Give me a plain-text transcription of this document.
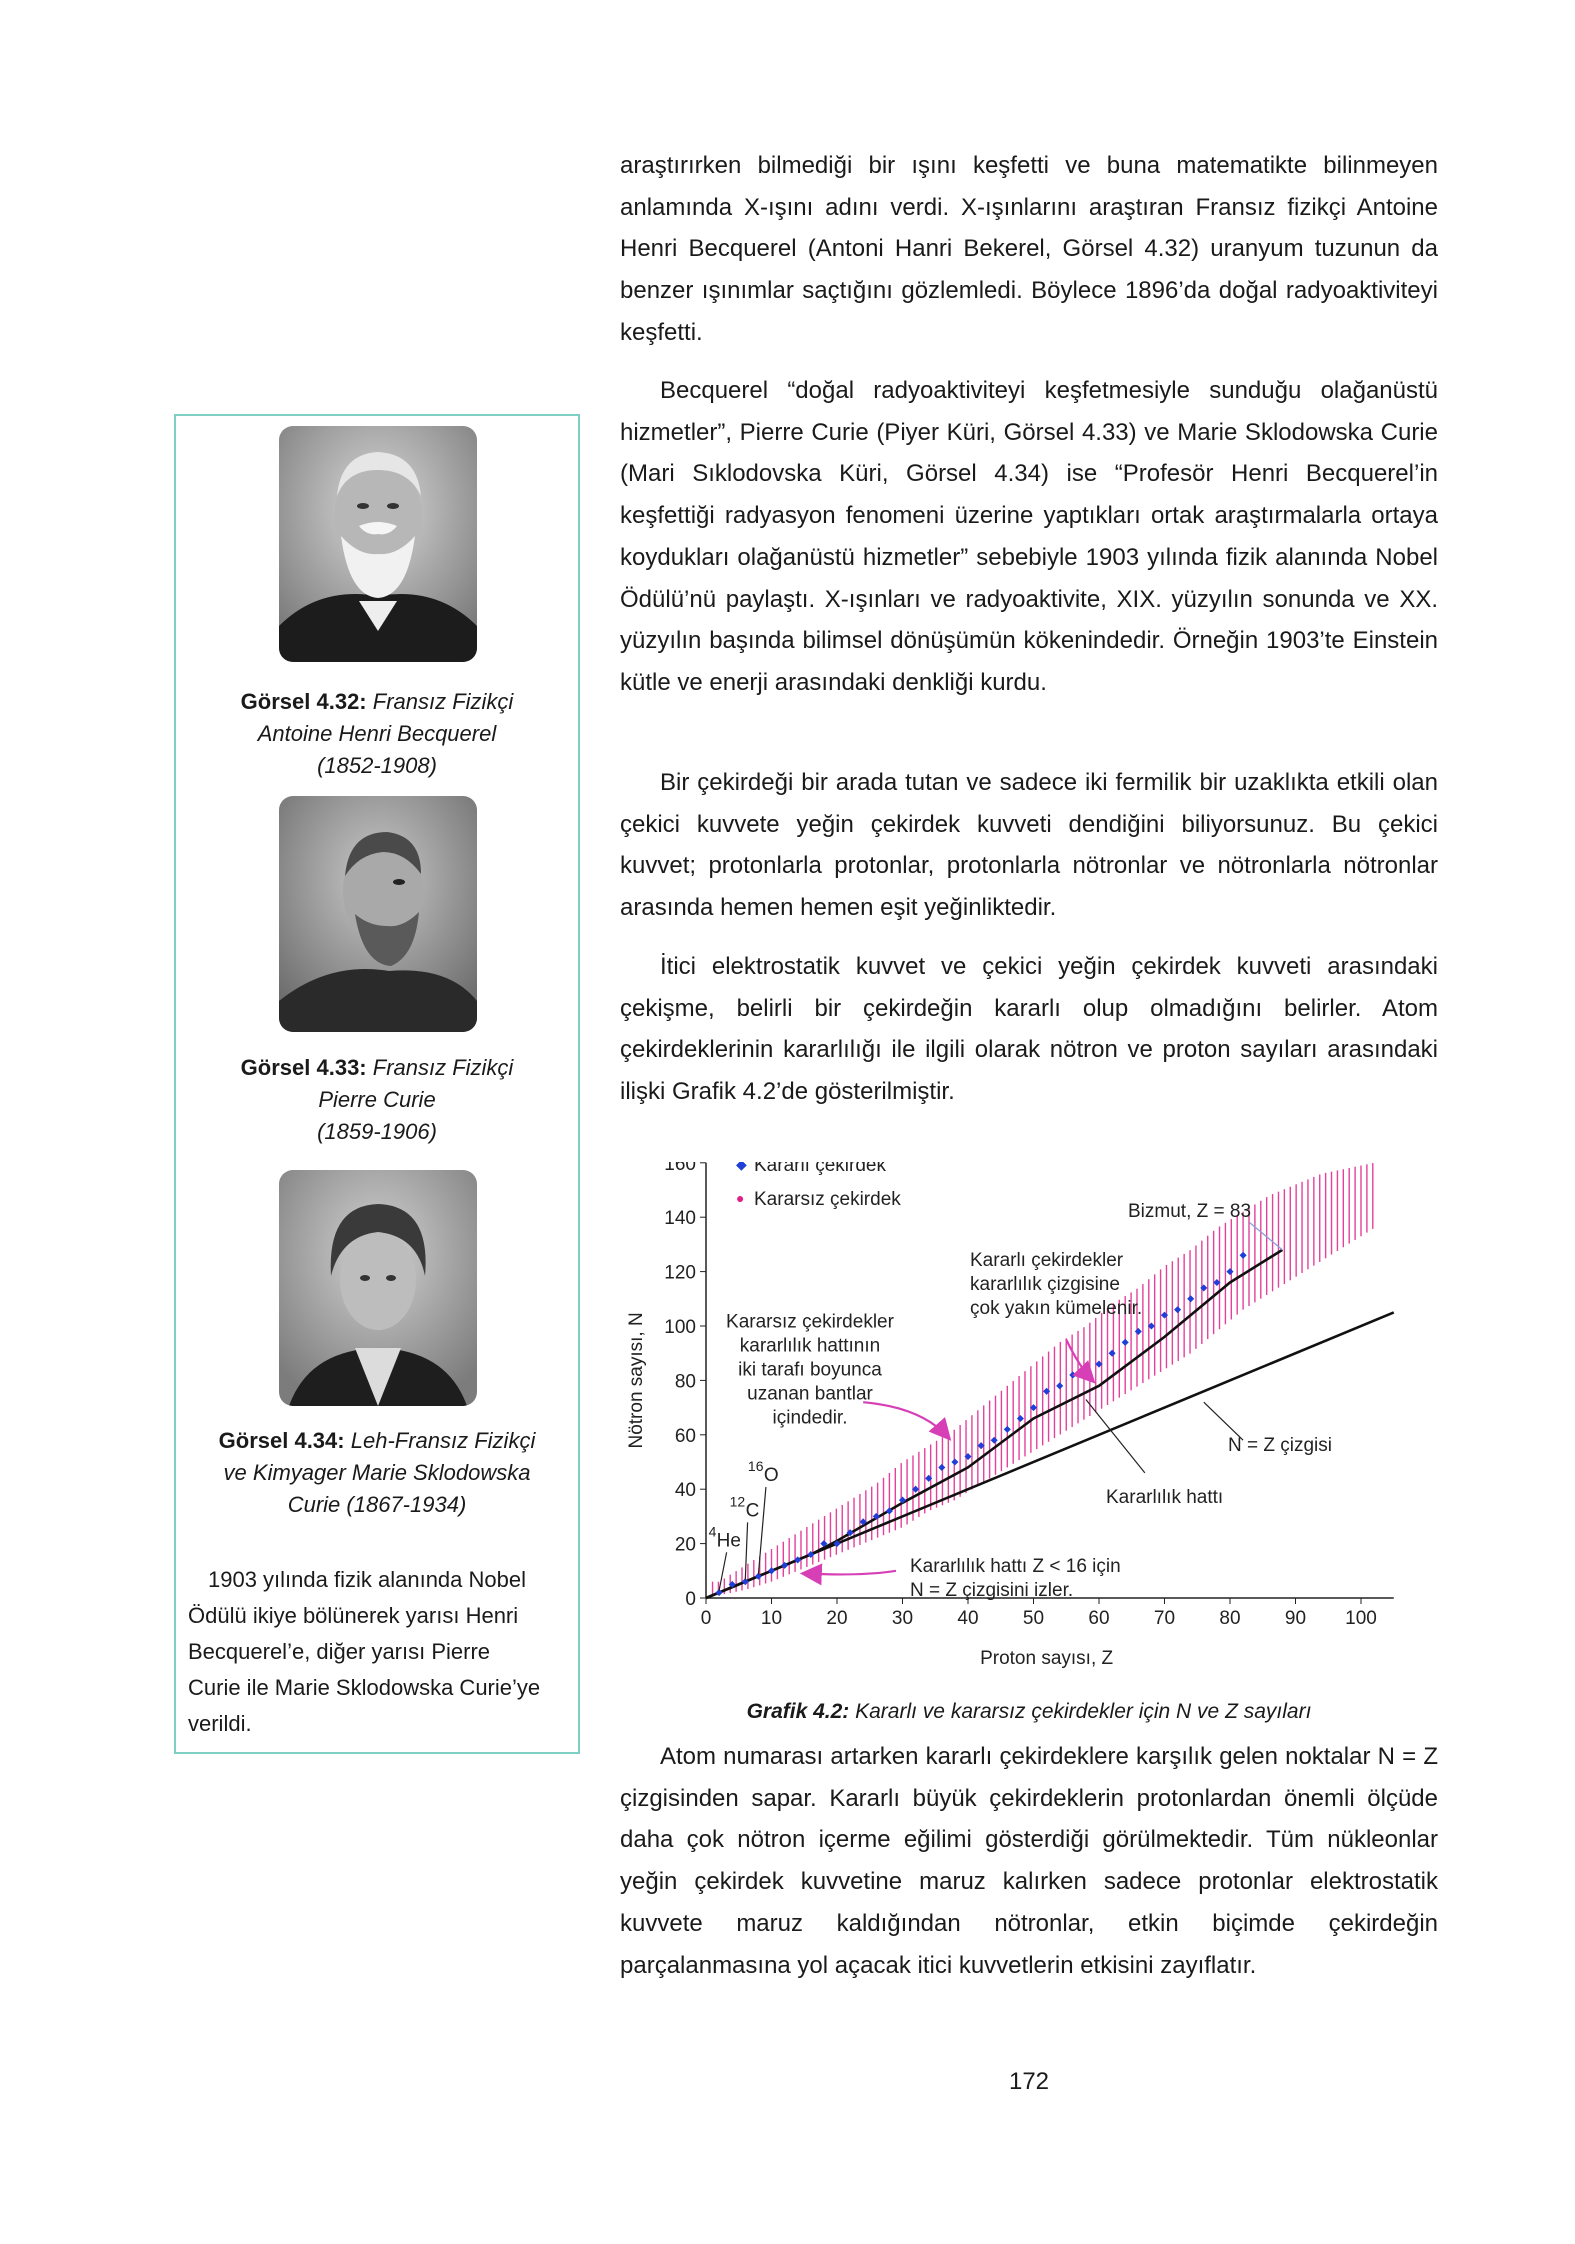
araştırırken bilmediği bir ışını keşfetti ve buna matematikte bilinmeyen anlamında X-ışını adını verdi. X-ışınlarını araştıran Fransız fizikçi Antoine Henri Becquerel (Antoni Hanri Bekerel, Görsel 4.32) uranyum tuzunun da benzer ışınımlar saçtığını gözlemledi. Böylece 1896’da doğal radyoaktiviteyi keşfetti.

Becquerel “doğal radyoaktiviteyi keşfetmesiyle sunduğu olağanüstü hizmetler”, Pierre Curie (Piyer Küri, Görsel 4.33) ve Marie Sklodowska Curie (Mari Sıklodovska Küri, Görsel 4.34) ise “Profesör Henri Becquerel’in keşfettiği radyasyon fenomeni üzerine yaptıkları ortak araştırmalarla ortaya koydukları olağanüstü hizmetler” sebebiyle 1903 yılında fizik alanında Nobel Ödülü’nü paylaştı. X-ışınları ve radyoaktivite, XIX. yüzyılın sonunda ve XX. yüzyılın başında bilimsel dönüşümün kökenindedir. Örneğin 1903’te Einstein kütle ve enerji arasındaki denkliği kurdu.

Bir çekirdeği bir arada tutan ve sadece iki fermilik bir uzaklıkta etkili olan çekici kuvvete yeğin çekirdek kuvveti dendiğini biliyorsunuz. Bu çekici kuvvet; protonlarla protonlar, protonlarla nötronlar ve nötronlarla nötronlar arasında hemen hemen eşit yeğinliktedir.

İtici elektrostatik kuvvet ve çekici yeğin çekirdek kuvveti arasındaki çekişme, belirli bir çekirdeğin kararlı olup olmadığını belirler. Atom çekirdeklerinin kararlılığı ile ilgili olarak nötron ve proton sayıları arasındaki ilişki Grafik 4.2’de gösterilmiştir.

Atom numarası artarken kararlı çekirdeklere karşılık gelen noktalar N = Z çizgisinden sapar. Kararlı büyük çekirdeklerin protonlardan önemli ölçüde daha çok nötron içerme eğilimi gösterdiği görülmektedir. Tüm nükleonlar yeğin çekirdek kuvvetine maruz kalırken sadece protonlar elektrostatik kuvvete maruz kaldığından nötronlar, etkin biçimde çekirdeğin parçalanmasına yol açacak itici kuvvetlerin etkisini zayıflatır.

Görsel 4.32: Fransız Fizikçi
Antoine Henri Becquerel
(1852-1908)
Görsel 4.33: Fransız Fizikçi
Pierre Curie
(1859-1906)
Görsel 4.34: Leh-Fransız Fizikçi
ve Kimyager Marie Sklodowska
Curie (1867-1934)
1903 yılında fizik alanında Nobel
Ödülü ikiye bölünerek yarısı Henri
Becquerel’e, diğer yarısı Pierre
Curie ile Marie Sklodowska Curie’ye
verildi.
0	10 20 30 40 50 60 70 80 90 100
0
20
40
60
80
100
120
140
160
Proton sayısı, Z
Nötron sayısı, N
◆ Kararlı çekirdek
● Kararsız çekirdek
4 He
12 C
16 O
Bizmut, Z = 83
Kararlı çekirdekler
kararlılık çizgisine
çok yakın kümelenir.
Kararsız çekirdekler
kararlılık hattının
iki tarafı boyunca
uzanan bantlar
içindedir.
N = Z çizgisi
Kararlılık hattı
Kararlılık hattı Z < 16 için
N = Z çizgisini izler.
Grafik 4.2: Kararlı ve kararsız çekirdekler için N ve Z sayıları
172
